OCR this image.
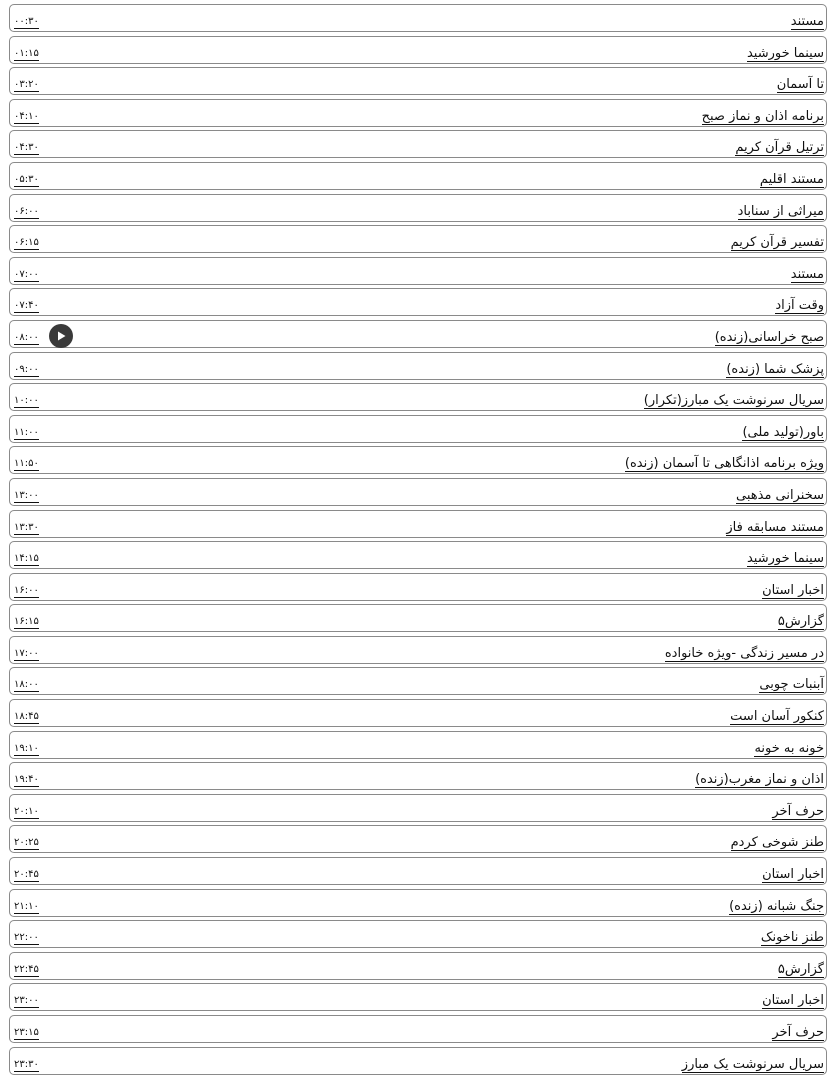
۰۰:۳۰	مستند
۰۱:۱۵	سینما خورشید
۰۳:۲۰	تا آسمان
۰۴:۱۰	برنامه اذان و نماز صبح
۰۴:۳۰	ترتیل قرآن کریم
۰۵:۳۰	مستند اقلیم
۰۶:۰۰	میراثی از سناباد
۰۶:۱۵	تفسیر قرآن کریم
۰۷:۰۰	مستند
۰۷:۴۰	وقت آزاد
۰۸:۰۰	صبح خراسانی(زنده)
۰۹:۰۰	پزشک شما (زنده)
۱۰:۰۰	سریال سرنوشت یک مبارز(تکرار)
۱۱:۰۰	باور(تولید ملی)
۱۱:۵۰	ویژه برنامه اذانگاهی تا آسمان (زنده)
۱۳:۰۰	سخنرانی مذهبی
۱۳:۳۰	مستند مسابقه فاز
۱۴:۱۵	سینما خورشید
۱۶:۰۰	اخبار استان
۱۶:۱۵	گزارش۵
۱۷:۰۰	در مسیر زندگی -ویژه خانواده
۱۸:۰۰	آبنبات چوبی
۱۸:۴۵	کنکور آسان است
۱۹:۱۰	خونه به خونه
۱۹:۴۰	اذان و نماز مغرب(زنده)
۲۰:۱۰	حرف آخر
۲۰:۲۵	طنز شوخی کردم
۲۰:۴۵	اخبار استان
۲۱:۱۰	جنگ شبانه (زنده)
۲۲:۰۰	طنز ناخونک
۲۲:۴۵	گزارش۵
۲۳:۰۰	اخبار استان
۲۳:۱۵	حرف آخر
۲۳:۳۰	سریال سرنوشت یک مبارز
